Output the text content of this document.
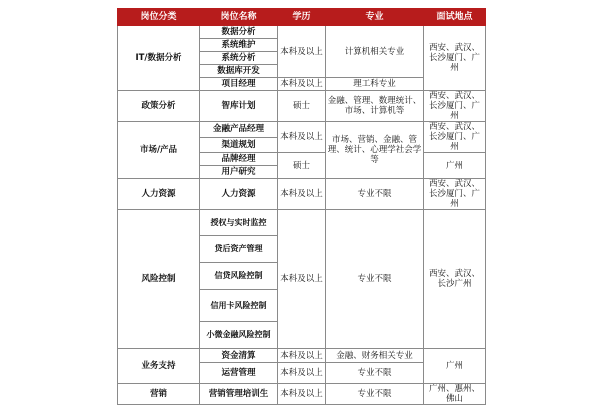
岗位分类	岗位名称	学历	专业	面试地点
IT/数据分析	数据分析	本科及以上	计算机相关专业	西安、武汉、长沙厦门、广州
	系统维护			
	系统分析			
	数据库开发			
	项目经理	本科及以上	理工科专业	
政策分析	智库计划	硕士	金融、管理、数理统计、市场、计算机等	西安、武汉、长沙厦门、广州
市场/产品	金融产品经理	本科及以上	市场、营销、金融、管理、统计、心理学社会学等	西安、武汉、长沙厦门、广州
	渠道规划			
	品牌经理	硕士		广州
	用户研究			
人力资源	人力资源	本科及以上	专业不限	西安、武汉、长沙厦门、广州
风险控制	授权与实时监控	本科及以上	专业不限	西安、武汉、长沙广州
	贷后资产管理			
	信贷风险控制			
	信用卡风险控制			
	小微金融风险控制			
业务支持	资金清算	本科及以上	金融、财务相关专业	广州
	运营管理	本科及以上	专业不限	
营销	营销管理培训生	本科及以上	专业不限	广州、惠州、佛山
